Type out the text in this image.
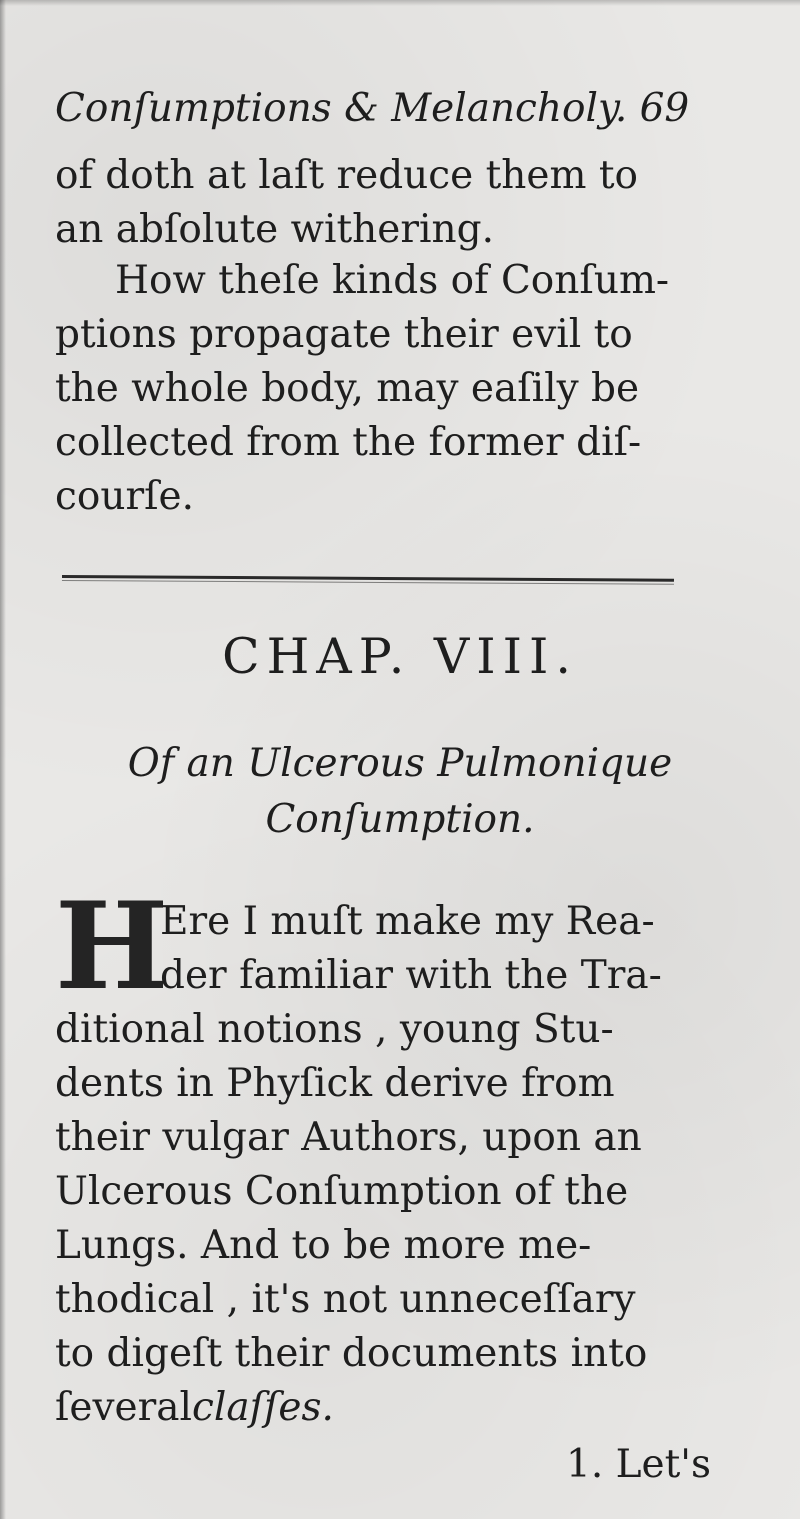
Conſumptions & Melancholy. 69
of doth at laſt reduce them to
an abſolute withering.
How theſe kinds of Conſum-
ptions propagate their evil to
the whole body, may eaſily be
collected from the former diſ-
courſe.
CHAP. VIII.
Of an Ulcerous Pulmonique
Conſumption.
H
Ere I muſt make my Rea-
der familiar with the Tra-
ditional notions , young Stu-
dents in Phyſick derive from
their vulgar Authors, upon an
Ulcerous Conſumption of the
Lungs. And to be more me-
thodical , it's not unneceſſary
to digeſt their documents into
ſeveral claſſes.
1. Let's
